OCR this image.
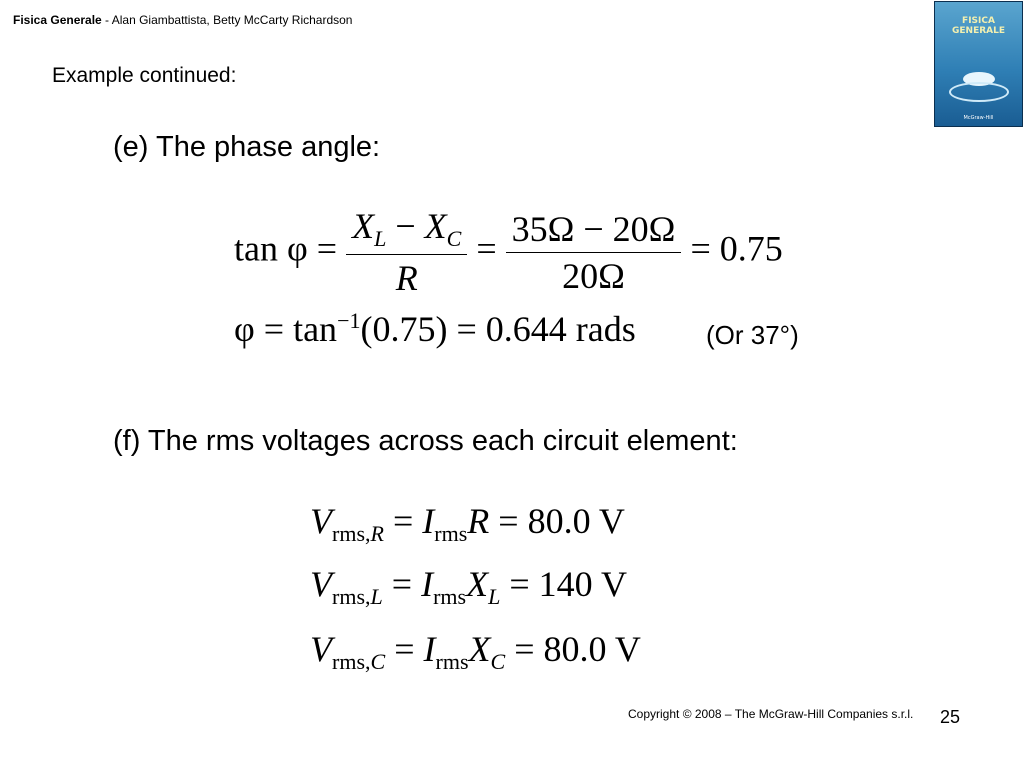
Fisica Generale - Alan Giambattista, Betty McCarty Richardson	FISICA
GENERALE
McGraw-Hill
Example continued:
(e) The phase angle:
$\tan \varphi = \frac{X_L - X_C}{R} = \frac{35\Omega - 20\Omega}{20\Omega} = 0.75$
$\varphi = \tan^{-1}(0.75) = 0.644$ rads	(Or 37°)
(f) The rms voltages across each circuit element:
$V_{rms,R} = I_{rms}R = 80.0$ V
$V_{rms,L} = I_{rms}X_L = 140$ V
$V_{rms,C} = I_{rms}X_C = 80.0$ V
Copyright © 2008 – The McGraw-Hill Companies s.r.l. 25
